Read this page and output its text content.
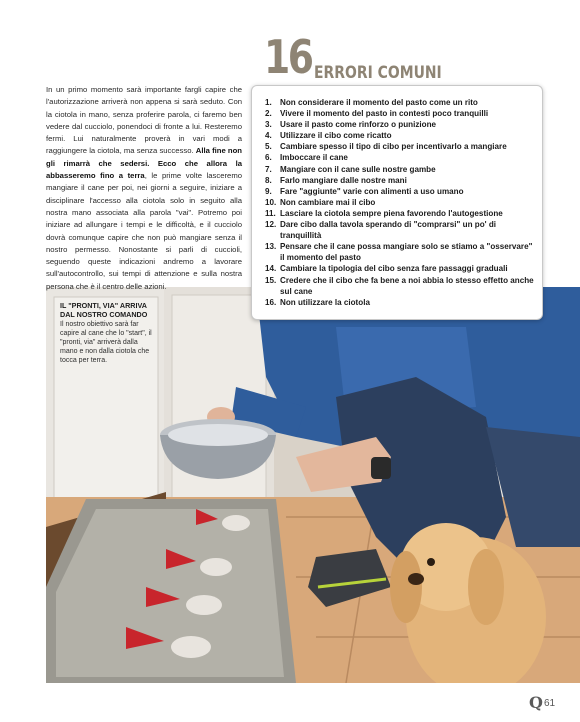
In un primo momento sarà importante fargli capire che l'autorizzazione arriverà non appena si sarà seduto. Con la ciotola in mano, senza proferire parola, ci faremo ben vedere dal cucciolo, ponendoci di fronte a lui. Resteremo fermi. Lui naturalmente proverà in vari modi a raggiungere la ciotola, ma senza successo. Alla fine non gli rimarrà che sedersi. Ecco che allora la abbasseremo fino a terra, le prime volte lasceremo mangiare il cane per poi, nei giorni a seguire, iniziare a disciplinare l'accesso alla ciotola solo in seguito alla nostra mano associata alla parola "vai". Potremo poi iniziare ad allungare i tempi e le difficoltà, e il cucciolo dovrà comunque capire che non può mangiare senza il nostro permesso. Nonostante si parli di cuccioli, seguendo queste indicazioni andremo a lavorare sull'autocontrollo, sui tempi di attenzione e sulla nostra persona che è il centro delle azioni.

16 ERRORI COMUNI
1.	Non considerare il momento del pasto come un rito
2.	Vivere il momento del pasto in contesti poco tranquilli
3.	Usare il pasto come rinforzo o punizione
4.	Utilizzare il cibo come ricatto
5.	Cambiare spesso il tipo di cibo per incentivarlo a mangiare
6.	Imboccare il cane
7.	Mangiare con il cane sulle nostre gambe
8.	Farlo mangiare dalle nostre mani
9.	Fare "aggiunte" varie con alimenti a uso umano
10. Non cambiare mai il cibo
11. Lasciare la ciotola sempre piena favorendo l'autogestione
12. Dare cibo dalla tavola sperando di "comprarsi" un po' di tranquillità
13. Pensare che il cane possa mangiare solo se stiamo a "osservare" il momento del pasto
14. Cambiare la tipologia del cibo senza fare passaggi graduali
15. Credere che il cibo che fa bene a noi abbia lo stesso effetto anche sul cane
16. Non utilizzare la ciotola
IL "PRONTI, VIA" ARRIVA DAL NOSTRO COMANDO
Il nostro obiettivo sarà far capire al cane che lo "start", il "pronti, via" arriverà dalla mano e non dalla ciotola che tocca per terra.
Q 61
